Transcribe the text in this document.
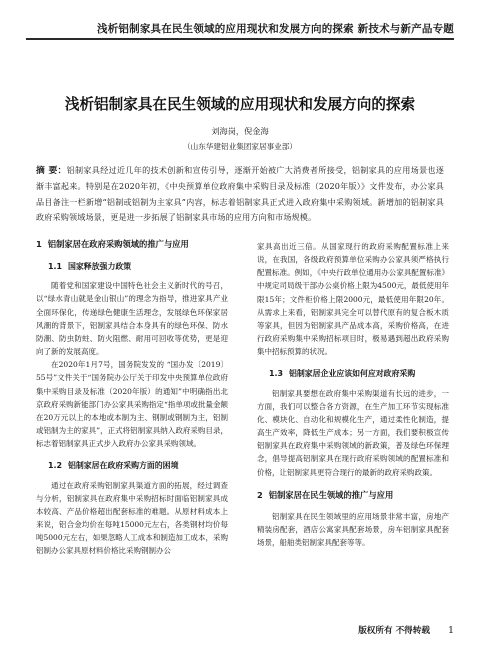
浅析铝制家具在民生领域的应用现状和发展方向的探索 新技术与新产品专题
浅析铝制家具在民生领域的应用现状和发展方向的探索
刘海岗，倪金海
（山东华建铝业集团家居事业部）
摘 要：铝制家具经过近几年的技术创新和宣传引导，逐渐开始被广大消费者所接受，铝制家具的应用场景也逐渐丰富起来。特别是在2020年初，《中央预算单位政府集中采购目录及标准（2020年版）》文件发布，办公家具品目备注一栏新增“铝制或铝制为主家具”内容，标志着铝制家具正式进入政府集中采购领域。新增加的铝制家具政府采购领域场景，更是进一步拓展了铝制家具市场的应用方向和市场规模。
1 铝制家居在政府采购领域的推广与应用
1.1 国家释放强力政策

随着党和国家建设中国特色社会主义新时代的号召，以“绿水青山就是金山银山”的理念为指导，推进家具产业全面环保化，传递绿色健康生活理念，发展绿色环保家居风潮的背景下，铝制家具结合本身具有的绿色环保、防水防潮、防虫防蛀、防火阻燃、耐用可回收等优势，更是迎向了新的发展高度。

在2020年1月7号，国务院发发的 “国办发〔2019〕55号”文件关于“国务院办公厅关于印发中央预算单位政府集中采购目录及标准（2020年版）的通知”中明确指出北京政府采购新能部门办公家具采购指定“指单项或批量金额在20万元以上的本地或本制为主、钢制或钢制为主，铝制或铝制为主的家具”，正式将铝制家具纳入政府采购目录，标志着铝制家具正式步入政府办公家具采购领域。

1.2 铝制家居在政府采购方面的困境

通过在政府采购铝制家具渠道方面的拓展，经过调查与分析，铝制家具在政府集中采购招标时面临铝制家具成本较高、产品价格超出配套标准的难题。从原材料成本上来说，铝合金均价在每吨15000元左右，各类钢材均价每吨5000元左右，如果忽略人工成本和制造加工成本，采购铝制办公家具原材料价格比采购钢制办公

家具高出近三倍。从国家现行的政府采购配置标准上来说，在我国，各级政府预算单位采购办公家具须严格执行配置标准。例如，《中央行政单位通用办公家具配置标准》中规定司局级干部办公桌价格上限为4500元，最低使用年限15年；文件柜价格上限2000元，最低使用年限20年。从需求上来看，铝制家具完全可以替代原有的复合板木质等家具，但因为铝制家具产品成本高，采购价格高，在进行政府采购集中采购招标项目时，极易遇到超出政府采购集中招标预算的状况。

1.3 铝制家居企业应该如何应对政府采购

铝制家具要想在政府集中采购渠道有长远的进步，一方面，我们可以整合各方资源，在生产加工环节实现标准化、模块化、自动化和规模化生产，通过柔性化制造，提高生产效率，降低生产成本；另一方面，我们要积极宣传铝制家具在政府集中采购领域的新政策，普及绿色环保理念，倡导提高铝制家具在现行政府采购领域的配置标准和价格，让铝制家具更符合现行的最新的政府采购政策。

2 铝制家居在民生领域的推广与应用

铝制家具在民生领域里的应用场景非常丰富，房地产精装房配套，酒店公寓家具配套场景，房车铝制家具配套场景，船舶类铝制家具配套等等。

版权所有 不得转载 1
